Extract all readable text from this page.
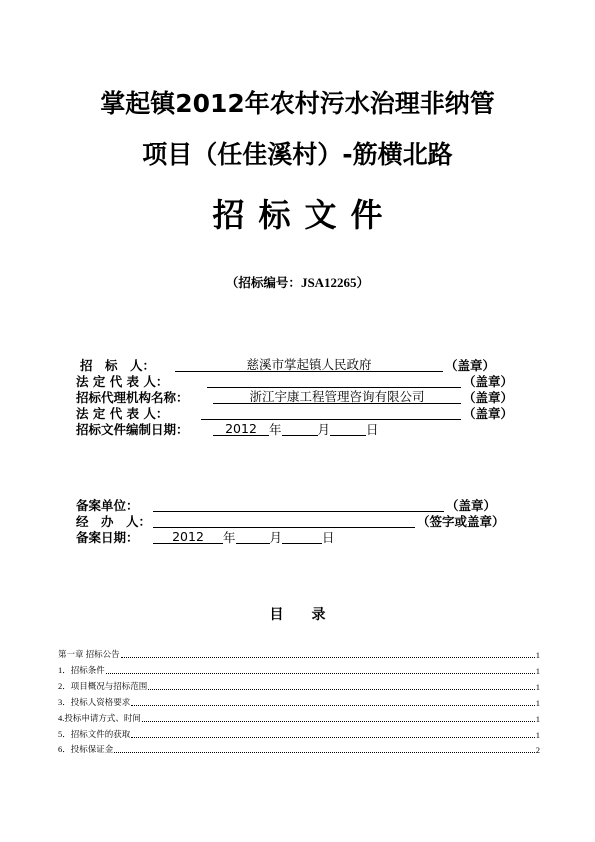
掌起镇2012年农村污水治理非纳管
项目（任佳溪村）-筋横北路
招标文件
（招标编号：JSA12265）
招　标　人：	慈溪市掌起镇人民政府	（盖章）
法 定 代 表 人：	（盖章）
招标代理机构名称：	浙江宇康工程管理咨询有限公司	（盖章）
法 定 代 表 人：	（盖章）
招标文件编制日期：	2012 年	月	日
备案单位：	（盖章）
经　办　人：	（签字或盖章）
备案日期：	2012 年	月	日
目录
第一章 招标公告	1
1．招标条件	1
2．项目概况与招标范围	1
3．投标人资格要求	1
4.投标申请方式、时间	1
5．招标文件的获取	1
6．投标保证金	2
